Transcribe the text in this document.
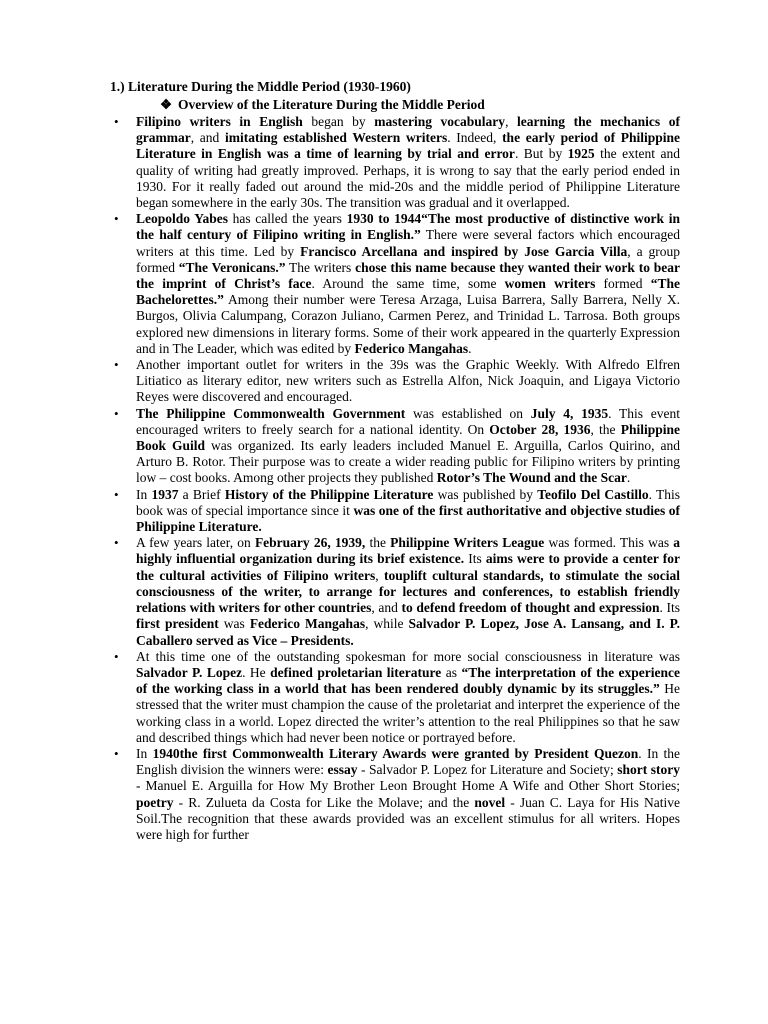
1.) Literature During the Middle Period (1930-1960)
❖ Overview of the Literature During the Middle Period
• Filipino writers in English began by mastering vocabulary, learning the mechanics of grammar, and imitating established Western writers. Indeed, the early period of Philippine Literature in English was a time of learning by trial and error. But by 1925 the extent and quality of writing had greatly improved. Perhaps, it is wrong to say that the early period ended in 1930. For it really faded out around the mid-20s and the middle period of Philippine Literature began somewhere in the early 30s. The transition was gradual and it overlapped.
• Leopoldo Yabes has called the years 1930 to 1944“The most productive of distinctive work in the half century of Filipino writing in English.” There were several factors which encouraged writers at this time. Led by Francisco Arcellana and inspired by Jose Garcia Villa, a group formed “The Veronicans.” The writers chose this name because they wanted their work to bear the imprint of Christ’s face. Around the same time, some women writers formed “The Bachelorettes.” Among their number were Teresa Arzaga, Luisa Barrera, Sally Barrera, Nelly X. Burgos, Olivia Calumpang, Corazon Juliano, Carmen Perez, and Trinidad L. Tarrosa. Both groups explored new dimensions in literary forms. Some of their work appeared in the quarterly Expression and in The Leader, which was edited by Federico Mangahas.
• Another important outlet for writers in the 39s was the Graphic Weekly. With Alfredo Elfren Litiatico as literary editor, new writers such as Estrella Alfon, Nick Joaquin, and Ligaya Victorio Reyes were discovered and encouraged.
• The Philippine Commonwealth Government was established on July 4, 1935. This event encouraged writers to freely search for a national identity. On October 28, 1936, the Philippine Book Guild was organized. Its early leaders included Manuel E. Arguilla, Carlos Quirino, and Arturo B. Rotor. Their purpose was to create a wider reading public for Filipino writers by printing low – cost books. Among other projects they published Rotor’s The Wound and the Scar.
• In 1937 a Brief History of the Philippine Literature was published by Teofilo Del Castillo. This book was of special importance since it was one of the first authoritative and objective studies of Philippine Literature.
• A few years later, on February 26, 1939, the Philippine Writers League was formed. This was a highly influential organization during its brief existence. Its aims were to provide a center for the cultural activities of Filipino writers, touplift cultural standards, to stimulate the social consciousness of the writer, to arrange for lectures and conferences, to establish friendly relations with writers for other countries, and to defend freedom of thought and expression. Its first president was Federico Mangahas, while Salvador P. Lopez, Jose A. Lansang, and I. P. Caballero served as Vice – Presidents.
• At this time one of the outstanding spokesman for more social consciousness in literature was Salvador P. Lopez. He defined proletarian literature as “The interpretation of the experience of the working class in a world that has been rendered doubly dynamic by its struggles.” He stressed that the writer must champion the cause of the proletariat and interpret the experience of the working class in a world. Lopez directed the writer’s attention to the real Philippines so that he saw and described things which had never been notice or portrayed before.
• In 1940the first Commonwealth Literary Awards were granted by President Quezon. In the English division the winners were: essay - Salvador P. Lopez for Literature and Society; short story - Manuel E. Arguilla for How My Brother Leon Brought Home A Wife and Other Short Stories; poetry - R. Zulueta da Costa for Like the Molave; and the novel - Juan C. Laya for His Native Soil.The recognition that these awards provided was an excellent stimulus for all writers. Hopes were high for further
